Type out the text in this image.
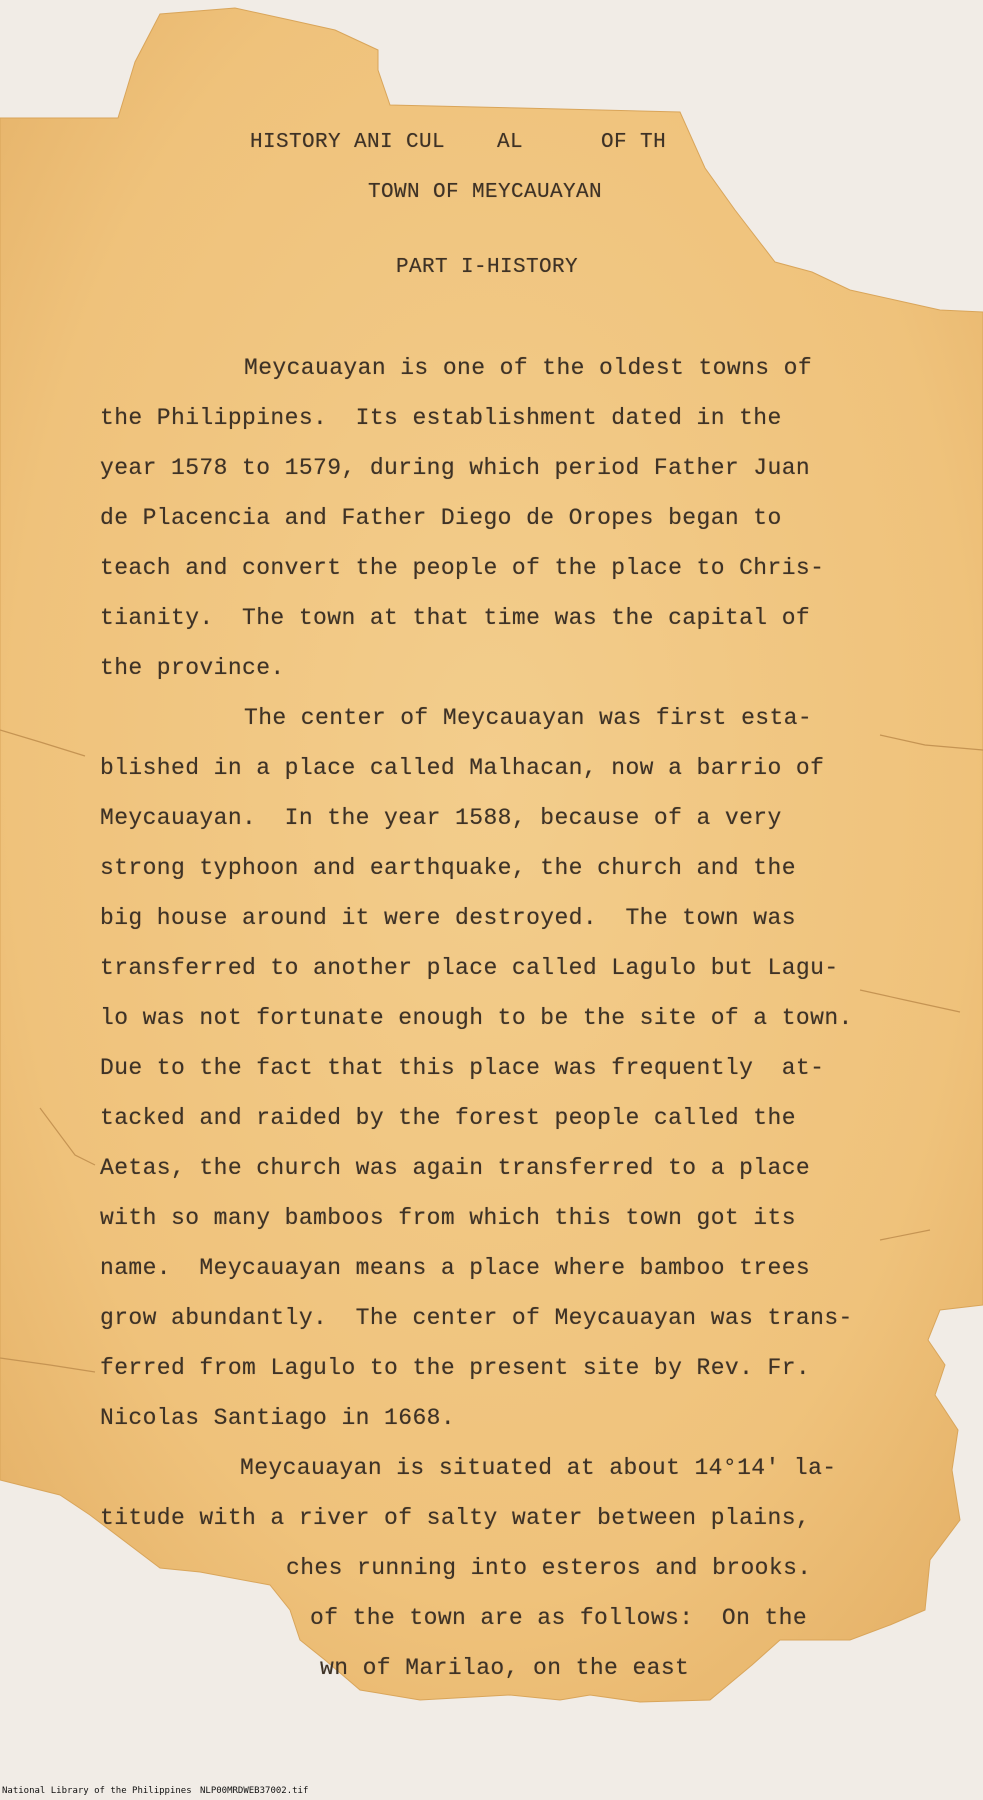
HISTORY ANI CUL    AL      OF TH
TOWN OF MEYCAUAYAN
PART I-HISTORY
Meycauayan is one of the oldest towns of
the Philippines.  Its establishment dated in the
year 1578 to 1579, during which period Father Juan
de Placencia and Father Diego de Oropes began to
teach and convert the people of the place to Chris-
tianity.  The town at that time was the capital of
the province.
The center of Meycauayan was first esta-
blished in a place called Malhacan, now a barrio of
Meycauayan.  In the year 1588, because of a very
strong typhoon and earthquake, the church and the
big house around it were destroyed.  The town was
transferred to another place called Lagulo but Lagu-
lo was not fortunate enough to be the site of a town.
Due to the fact that this place was frequently  at-
tacked and raided by the forest people called the
Aetas, the church was again transferred to a place
with so many bamboos from which this town got its
name.  Meycauayan means a place where bamboo trees
grow abundantly.  The center of Meycauayan was trans-
ferred from Lagulo to the present site by Rev. Fr.
Nicolas Santiago in 1668.
Meycauayan is situated at about 14°14' la-
titude with a river of salty water between plains,
ches running into esteros and brooks.
of the town are as follows:  On the
wn of Marilao, on the east
National Library of the Philippines NLP00MRDWEB37002.tif
